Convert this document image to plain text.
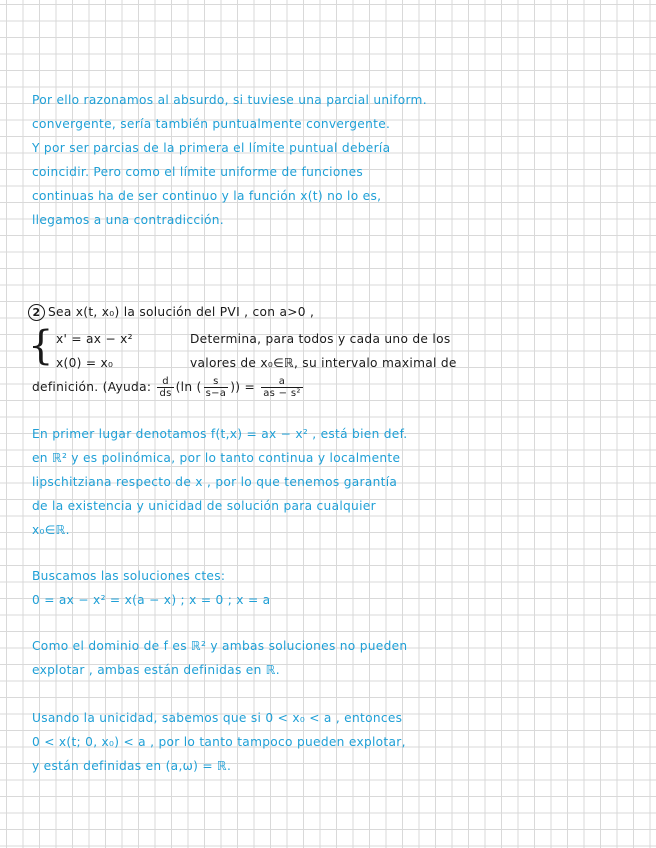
Por ello razonamos al absurdo, si tuviese una parcial uniform.
convergente, sería también puntualmente convergente.
Y por ser parcias de la primera el límite puntual debería
coincidir. Pero como el límite uniforme de funciones
continuas ha de ser continuo y la función x(t) no lo es,
llegamos a una contradicción.
2 Sea x(t, x₀) la solución del PVI , con a>0 ,
{ x' = ax − x²	Determina, para todos y cada uno de los
x(0) = x₀	valores de x₀∈ℝ, su intervalo maximal de
definición. (Ayuda: $\frac{d}{ds} (\ln$ ( $\frac{s}{s-a}$ )) = $\frac{a}{\text{as − s²}}$
En primer lugar denotamos f(t,x) = ax − x² , está bien def.
en ℝ² y es polinómica, por lo tanto continua y localmente
lipschitziana respecto de x , por lo que tenemos garantía
de la existencia y unicidad de solución para cualquier
x₀∈ℝ.
Buscamos las soluciones ctes:
0 = ax − x² = x(a − x) ; x = 0 ; x = a
Como el dominio de f es ℝ² y ambas soluciones no pueden
explotar , ambas están definidas en ℝ.
Usando la unicidad, sabemos que si 0 < x₀ < a , entonces
0 < x(t; 0, x₀) < a , por lo tanto tampoco pueden explotar,
y están definidas en (a,ω) = ℝ.
